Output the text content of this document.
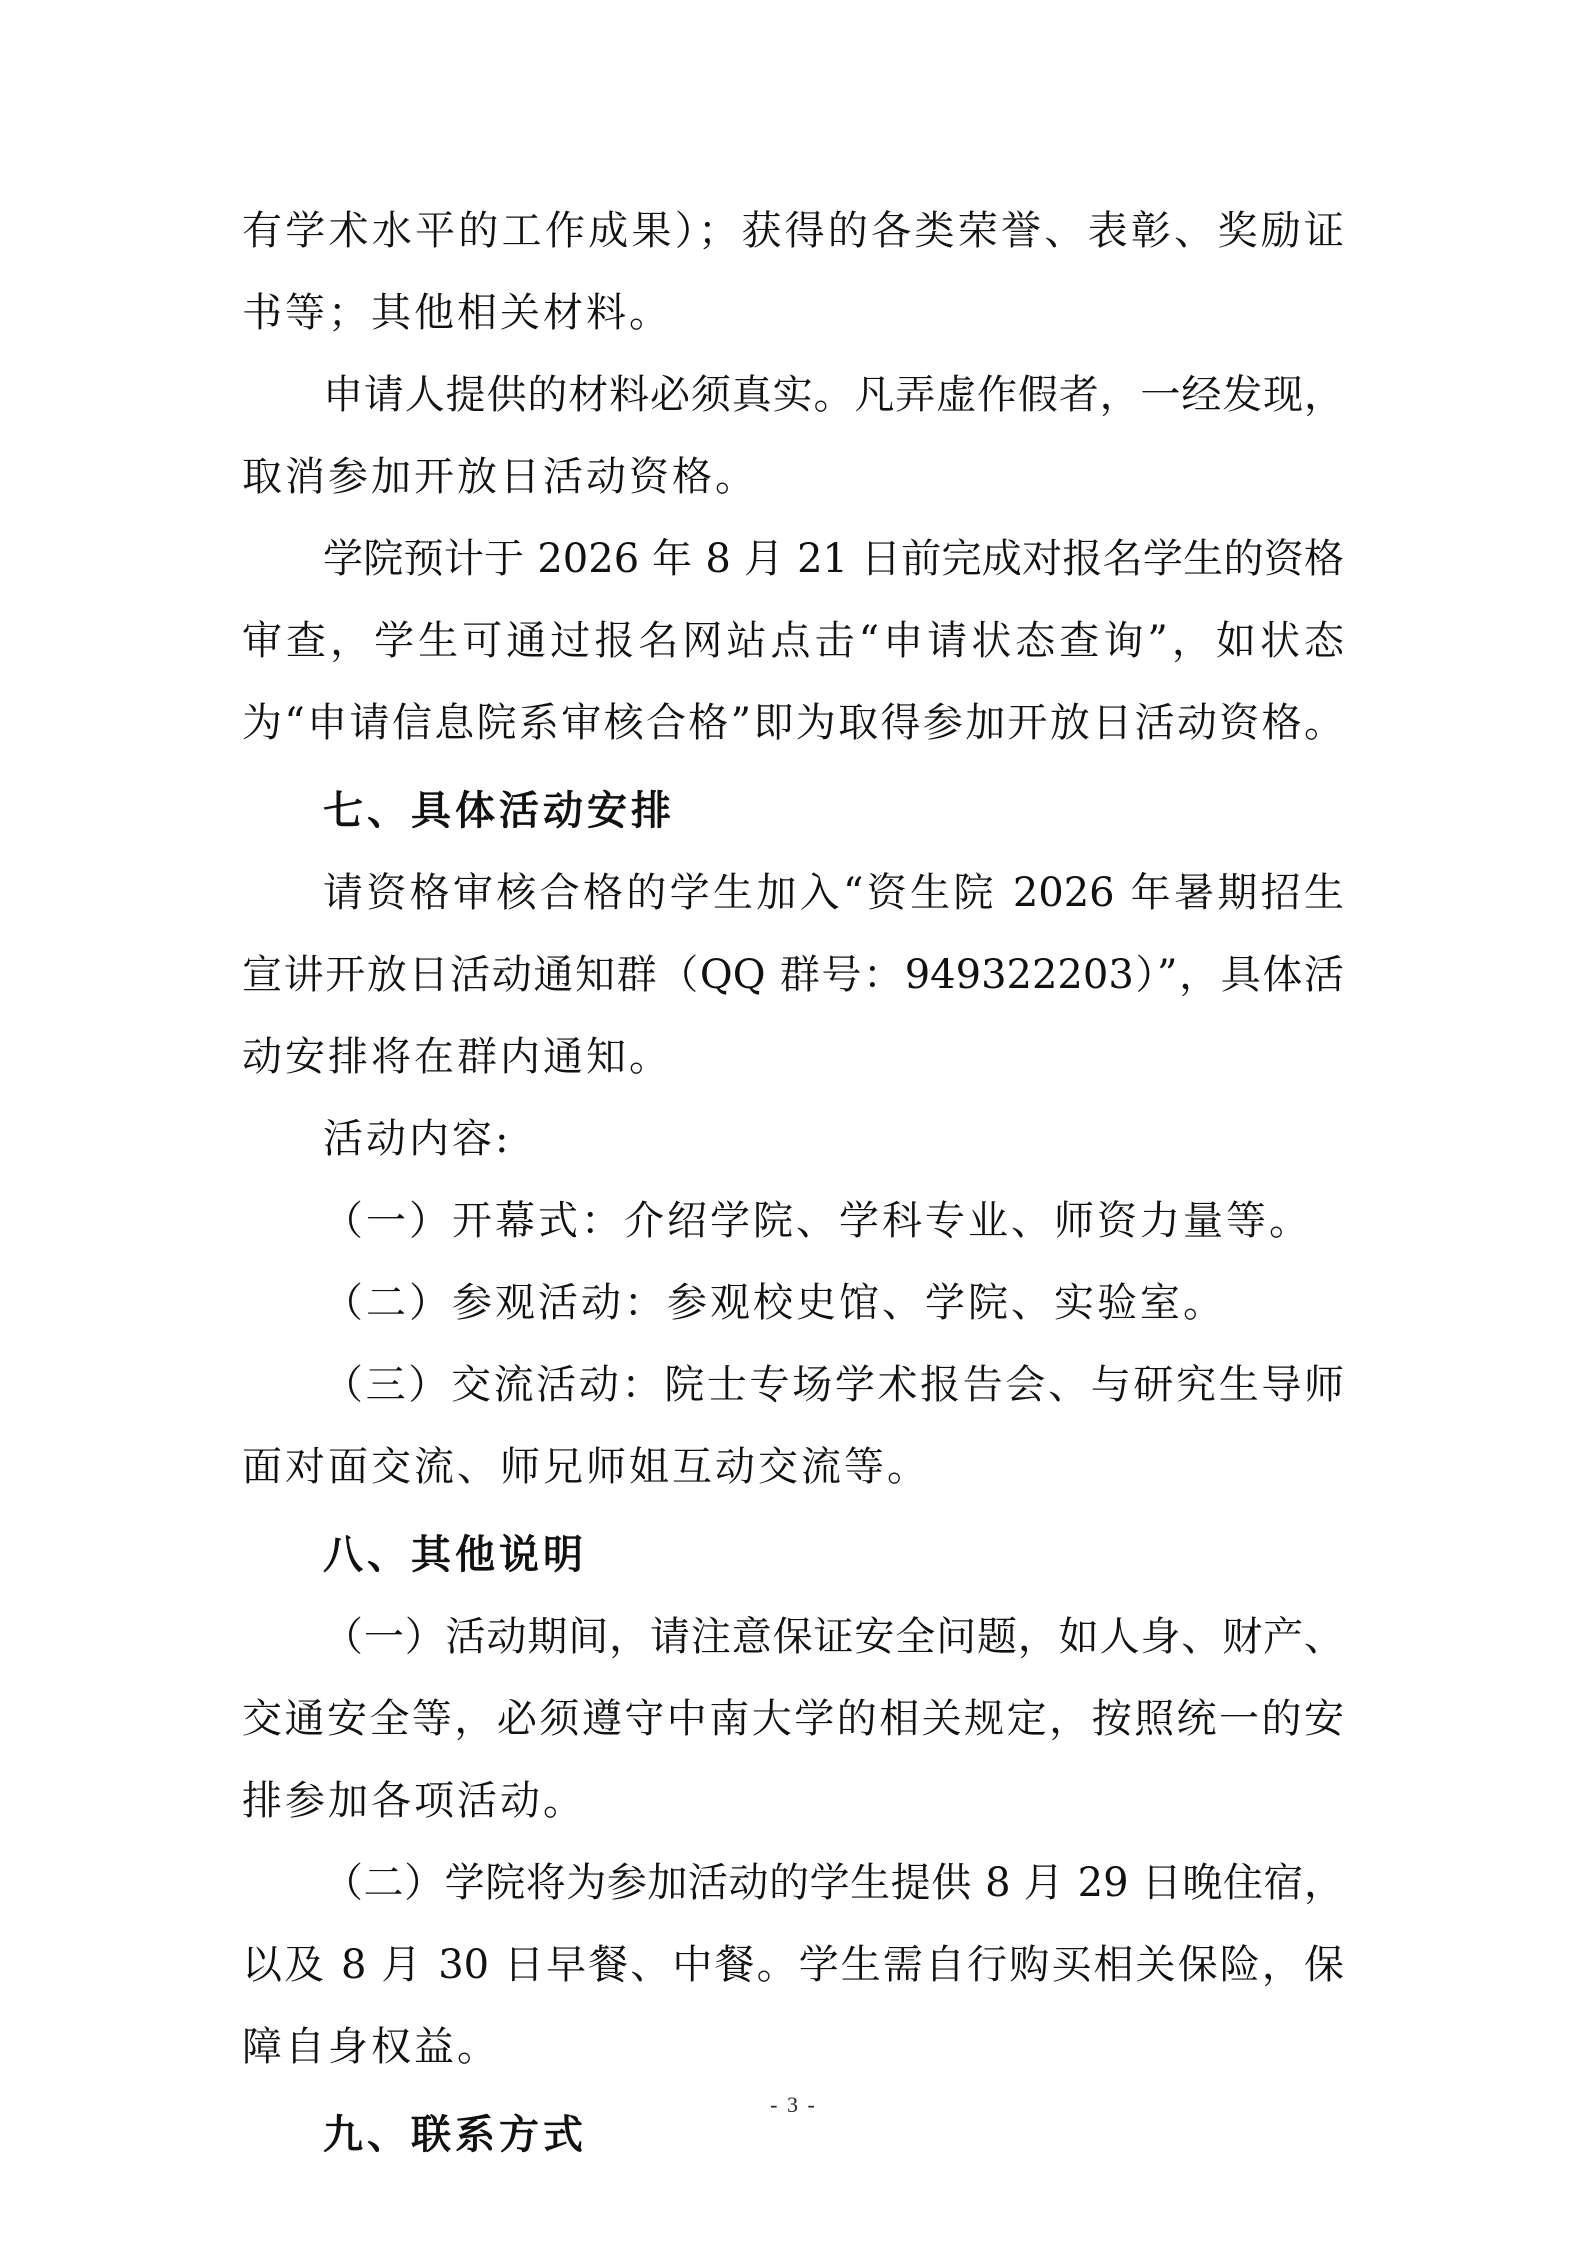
有学术水平的工作成果）；获得的各类荣誉、表彰、奖励证
书等；其他相关材料。
申请人提供的材料必须真实。凡弄虚作假者，一经发现，
取消参加开放日活动资格。
学院预计于 2026 年 8 月 21 日前完成对报名学生的资格
审查，学生可通过报名网站点击“申请状态查询”，如状态
为“申请信息院系审核合格”即为取得参加开放日活动资格。
七、具体活动安排
请资格审核合格的学生加入“资生院 2026 年暑期招生
宣讲开放日活动通知群（QQ 群号：949322203）”，具体活
动安排将在群内通知。
活动内容:
（一）开幕式：介绍学院、学科专业、师资力量等。
（二）参观活动：参观校史馆、学院、实验室。
（三）交流活动：院士专场学术报告会、与研究生导师
面对面交流、师兄师姐互动交流等。
八、其他说明
（一）活动期间，请注意保证安全问题，如人身、财产、
交通安全等，必须遵守中南大学的相关规定，按照统一的安
排参加各项活动。
（二）学院将为参加活动的学生提供 8 月 29 日晚住宿，
以及 8 月 30 日早餐、中餐。学生需自行购买相关保险，保
障自身权益。
九、联系方式
- 3 -
